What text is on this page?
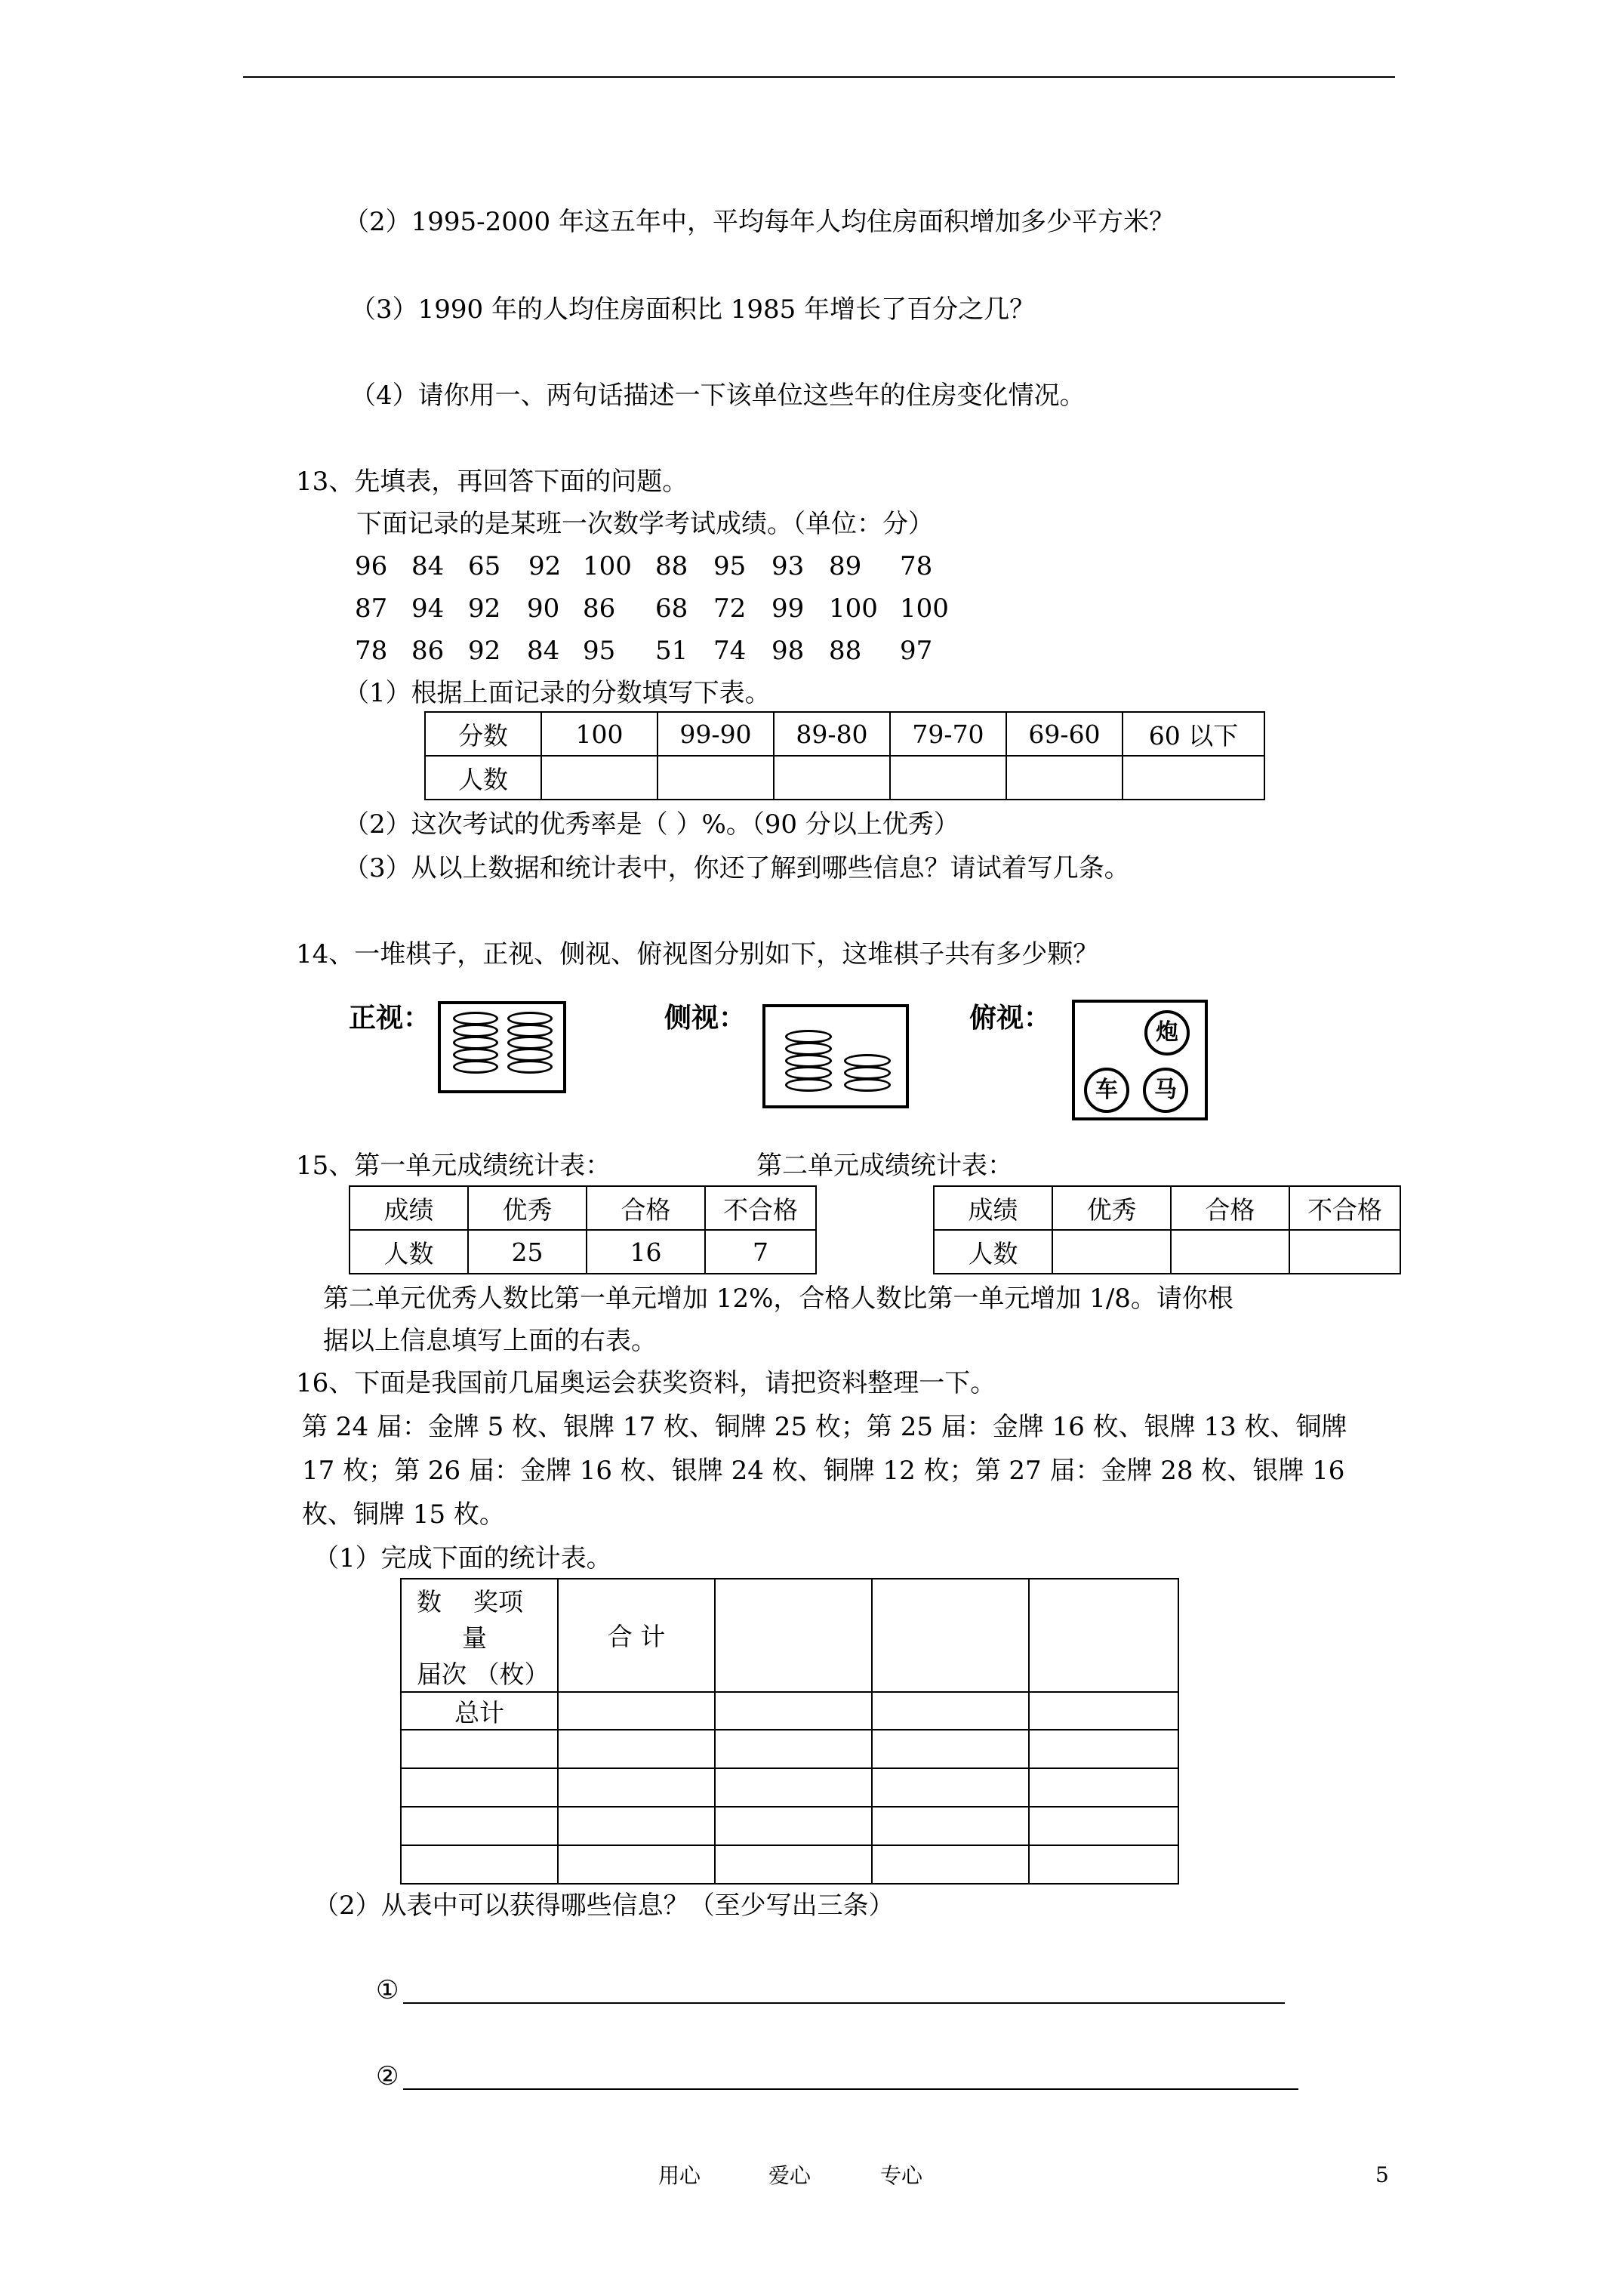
（2）1995-2000 年这五年中，平均每年人均住房面积增加多少平方米？
（3）1990 年的人均住房面积比 1985 年增长了百分之几？
（4）请你用一、两句话描述一下该单位这些年的住房变化情况。
13、先填表，再回答下面的问题。
下面记录的是某班一次数学考试成绩。（单位：分）
96 84 65 92 100 88 95 93 89 78
87 94 92 90 86 68 72 99 100 100
78 86 92 84 95 51 74 98 88 97
（1）根据上面记录的分数填写下表。
分数	100	99-90	89-80	79-70	69-60	60 以下
人数						
（2）这次考试的优秀率是（ ）%。（90 分以上优秀）
（3）从以上数据和统计表中，你还了解到哪些信息？请试着写几条。
14、一堆棋子，正视、侧视、俯视图分别如下，这堆棋子共有多少颗？
正视：	侧视：	俯视：	炮
车	马
15、第一单元成绩统计表：	第二单元成绩统计表：
成绩	优秀	合格	不合格
人数	25	16	7
成绩	优秀	合格	不合格
人数			
第二单元优秀人数比第一单元增加 12%，合格人数比第一单元增加 1/8。请你根
据以上信息填写上面的右表。
16、下面是我国前几届奥运会获奖资料，请把资料整理一下。
第 24 届：金牌 5 枚、银牌 17 枚、铜牌 25 枚；第 25 届：金牌 16 枚、银牌 13 枚、铜牌
17 枚；第 26 届：金牌 16 枚、银牌 24 枚、铜牌 12 枚；第 27 届：金牌 28 枚、银牌 16
枚、铜牌 15 枚。
（1）完成下面的统计表。
数    奖项
量
届次 （枚）	合 计			
总计				

（2）从表中可以获得哪些信息？（至少写出三条）
①
②
用心	爱心	专心	5
